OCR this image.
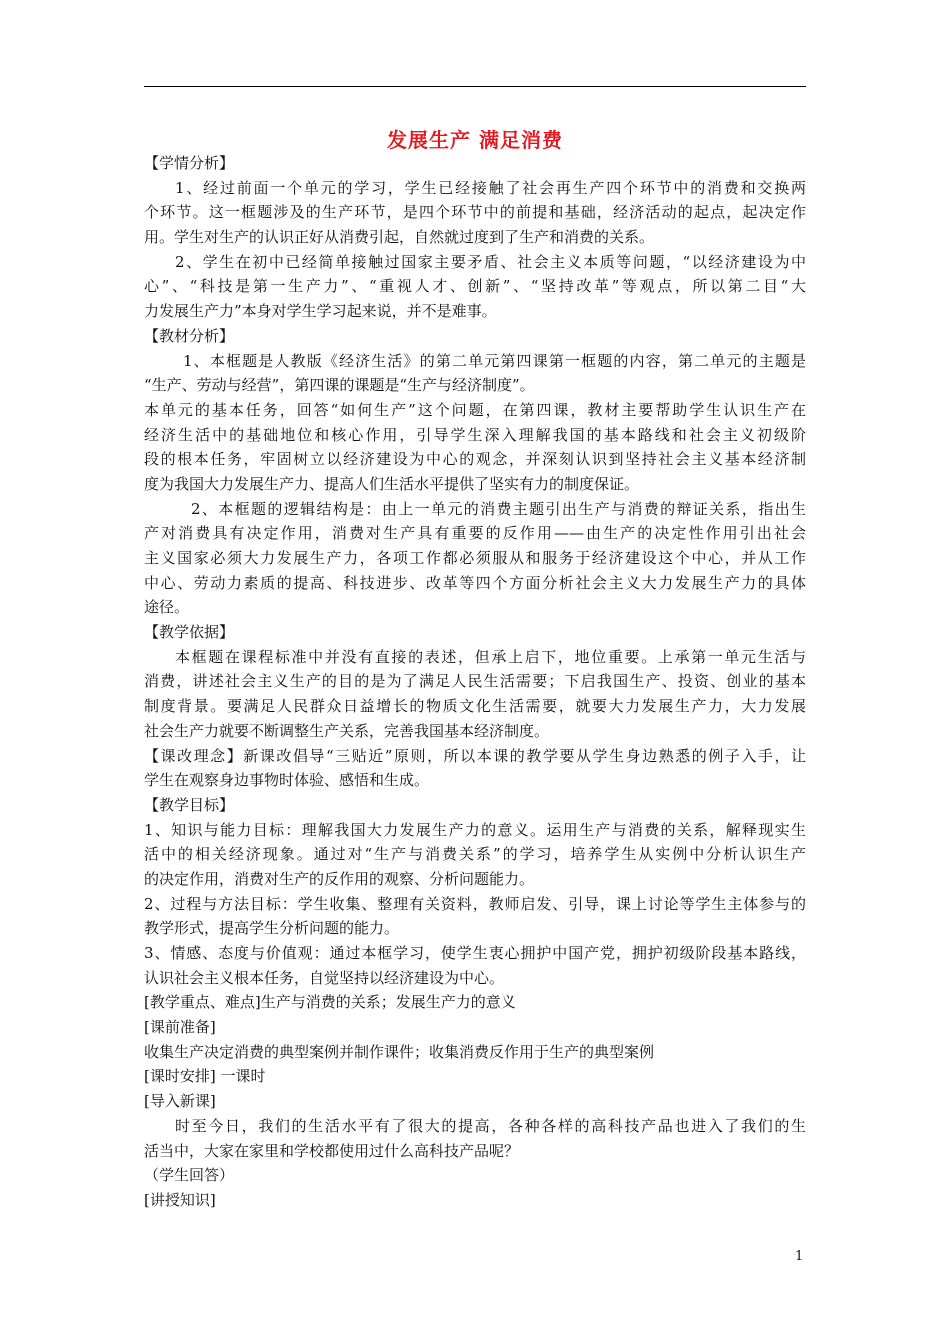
发展生产 满足消费
【学情分析】
1、经过前面一个单元的学习，学生已经接触了社会再生产四个环节中的消费和交换两
个环节。这一框题涉及的生产环节，是四个环节中的前提和基础，经济活动的起点，起决定作
用。学生对生产的认识正好从消费引起，自然就过度到了生产和消费的关系。
2、学生在初中已经简单接触过国家主要矛盾、社会主义本质等问题，“以经济建设为中
心”、“科技是第一生产力”、“重视人才、创新”、“坚持改革”等观点，所以第二目“大
力发展生产力”本身对学生学习起来说，并不是难事。
【教材分析】
1、本框题是人教版《经济生活》的第二单元第四课第一框题的内容，第二单元的主题是
“生产、劳动与经营”，第四课的课题是“生产与经济制度”。
本单元的基本任务，回答“如何生产”这个问题，在第四课，教材主要帮助学生认识生产在
经济生活中的基础地位和核心作用，引导学生深入理解我国的基本路线和社会主义初级阶
段的根本任务，牢固树立以经济建设为中心的观念，并深刻认识到坚持社会主义基本经济制
度为我国大力发展生产力、提高人们生活水平提供了坚实有力的制度保证。
2、本框题的逻辑结构是：由上一单元的消费主题引出生产与消费的辩证关系，指出生
产对消费具有决定作用，消费对生产具有重要的反作用——由生产的决定性作用引出社会
主义国家必须大力发展生产力，各项工作都必须服从和服务于经济建设这个中心，并从工作
中心、劳动力素质的提高、科技进步、改革等四个方面分析社会主义大力发展生产力的具体
途径。
【教学依据】
本框题在课程标准中并没有直接的表述，但承上启下，地位重要。上承第一单元生活与
消费，讲述社会主义生产的目的是为了满足人民生活需要；下启我国生产、投资、创业的基本
制度背景。要满足人民群众日益增长的物质文化生活需要，就要大力发展生产力，大力发展
社会生产力就要不断调整生产关系，完善我国基本经济制度。
【课改理念】新课改倡导“三贴近”原则，所以本课的教学要从学生身边熟悉的例子入手，让
学生在观察身边事物时体验、感悟和生成。
【教学目标】
1、知识与能力目标：理解我国大力发展生产力的意义。运用生产与消费的关系，解释现实生
活中的相关经济现象。通过对“生产与消费关系”的学习，培养学生从实例中分析认识生产
的决定作用，消费对生产的反作用的观察、分析问题能力。
2、过程与方法目标：学生收集、整理有关资料，教师启发、引导，课上讨论等学生主体参与的
教学形式，提高学生分析问题的能力。
3、情感、态度与价值观：通过本框学习，使学生衷心拥护中国产党，拥护初级阶段基本路线，
认识社会主义根本任务，自觉坚持以经济建设为中心。
[教学重点、难点]生产与消费的关系；发展生产力的意义
[课前准备]
收集生产决定消费的典型案例并制作课件；收集消费反作用于生产的典型案例
[课时安排] 一课时
[导入新课]
时至今日，我们的生活水平有了很大的提高，各种各样的高科技产品也进入了我们的生
活当中，大家在家里和学校都使用过什么高科技产品呢？
（学生回答）
[讲授知识]
1
